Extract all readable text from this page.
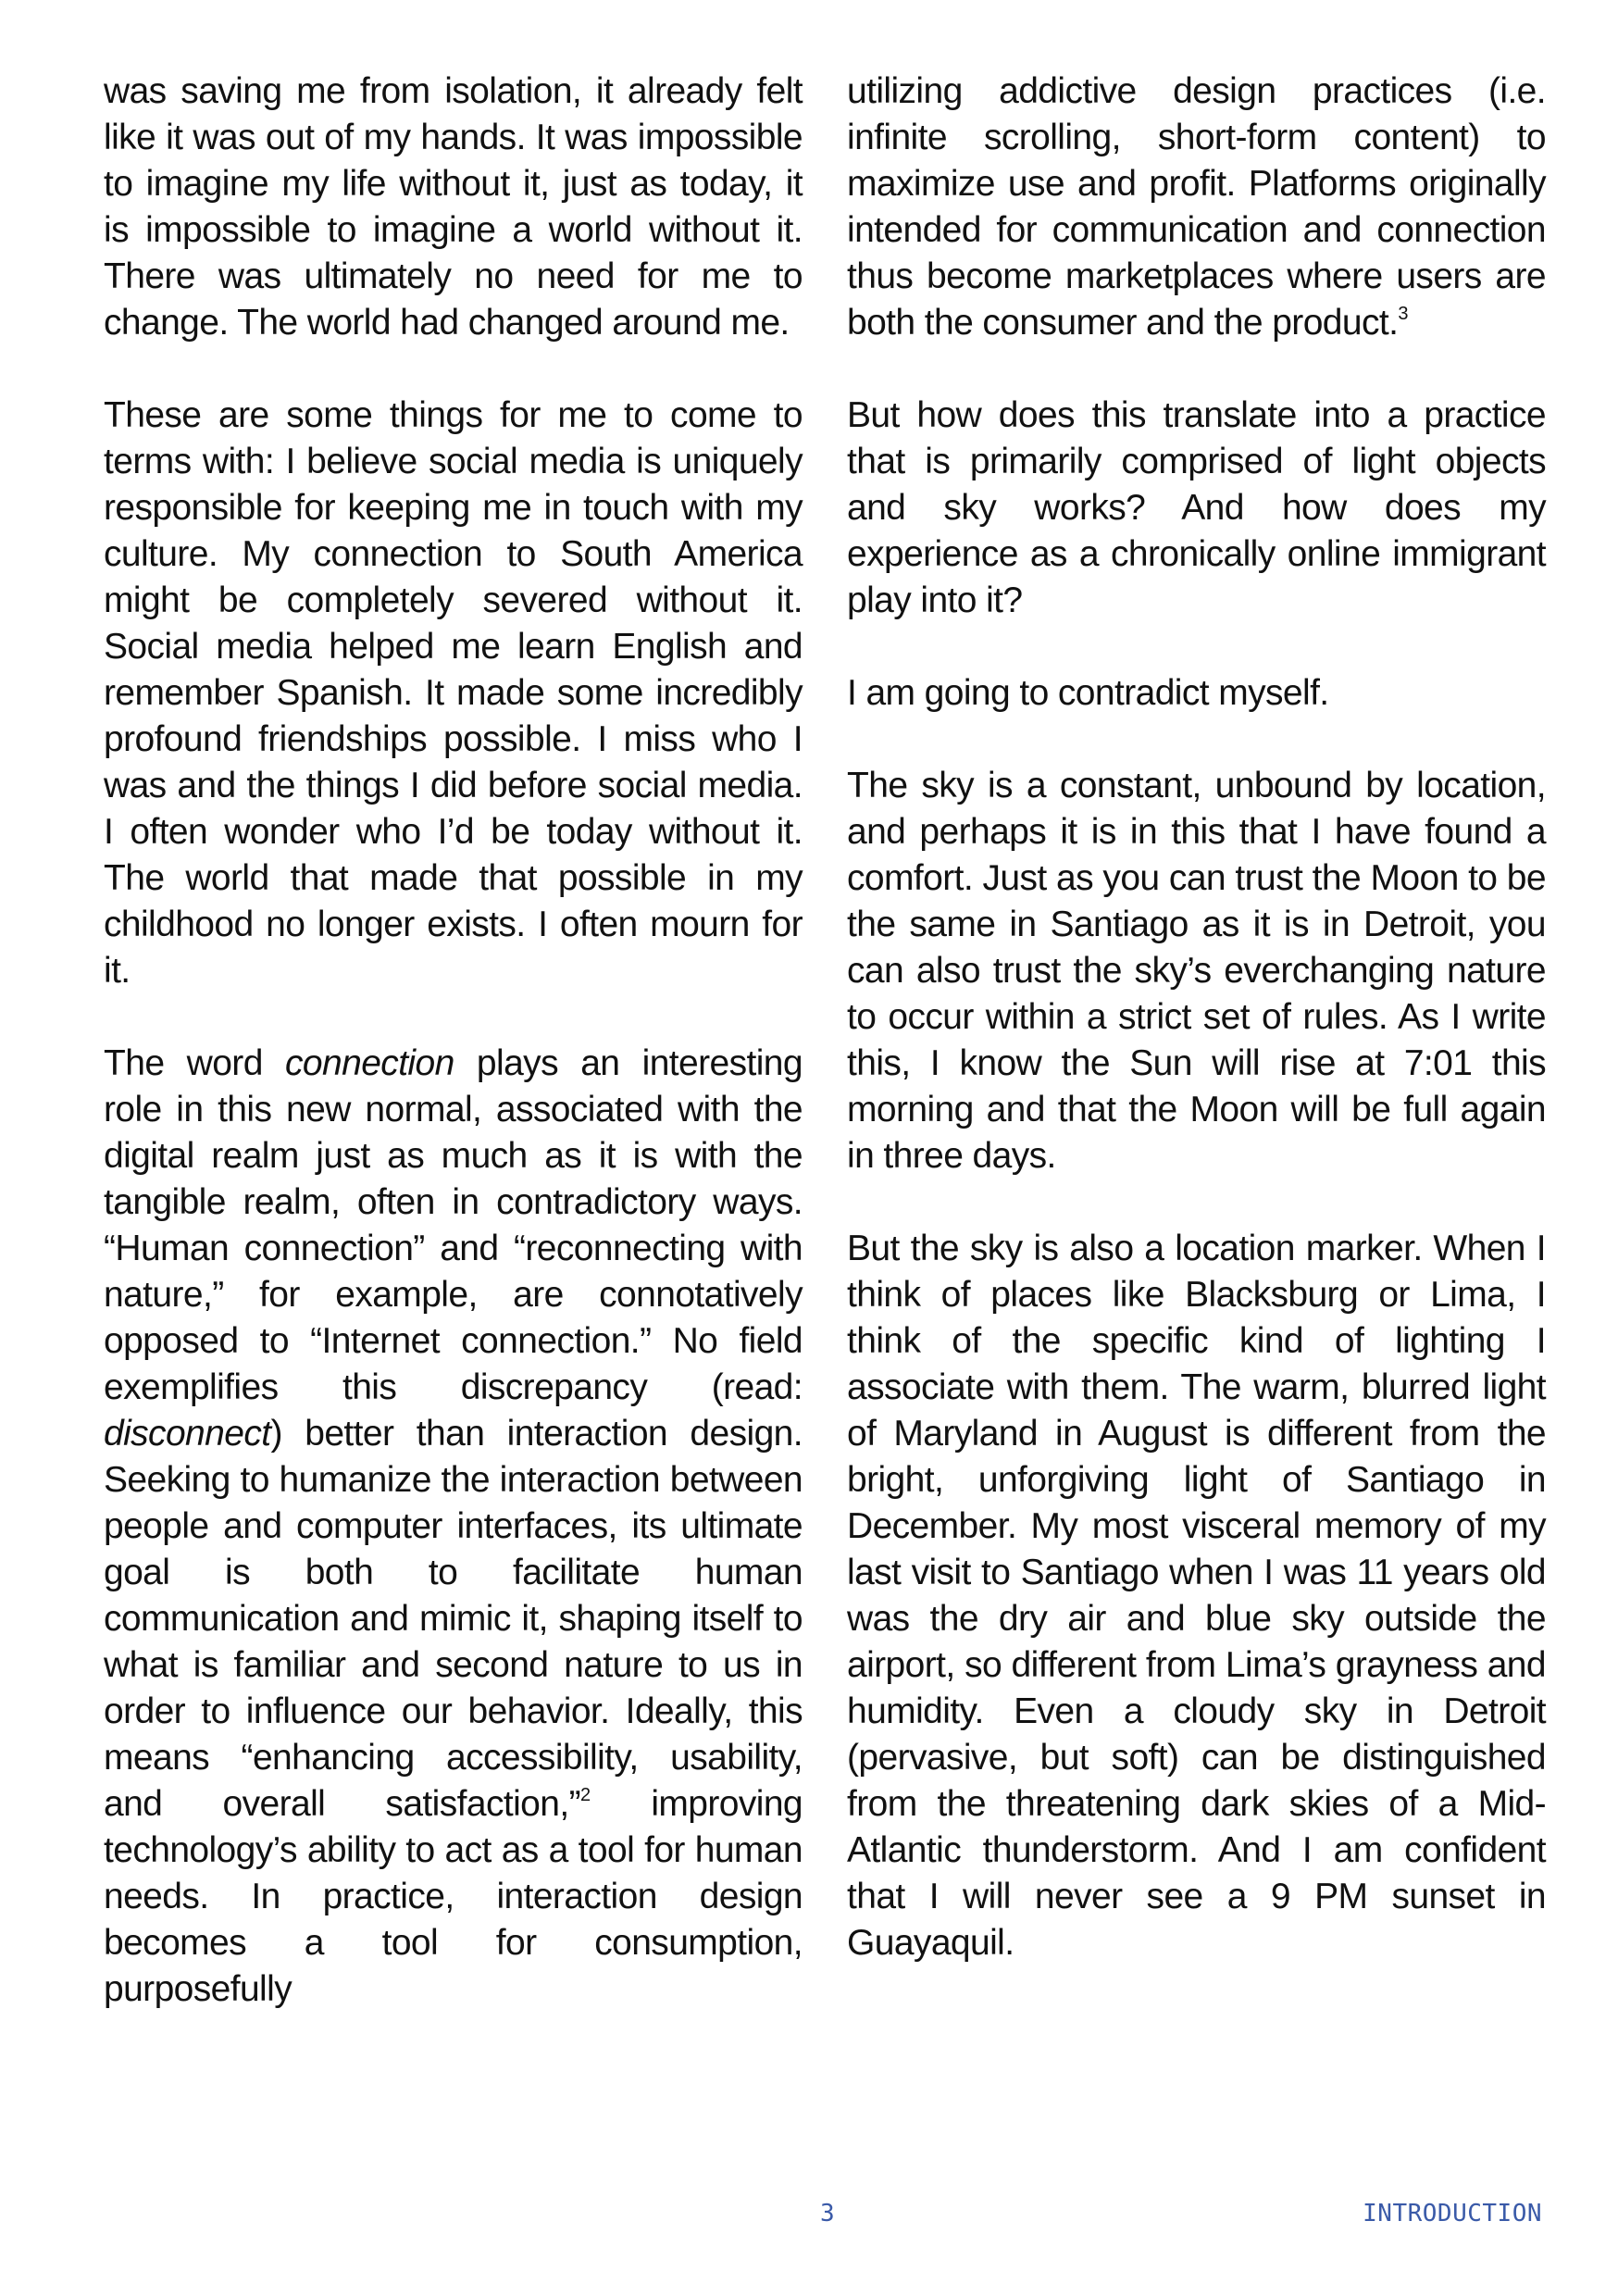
was saving me from isolation, it already felt like it was out of my hands. It was impossible to imagine my life without it, just as today, it is impossible to imagine a world without it. There was ultimately no need for me to change. The world had changed around me.

These are some things for me to come to terms with: I believe social media is uniquely responsible for keeping me in touch with my culture. My connection to South America might be completely severed without it. Social media helped me learn English and remember Spanish. It made some incredibly profound friendships possible. I miss who I was and the things I did before social media. I often wonder who I’d be today without it. The world that made that possible in my childhood no longer exists. I often mourn for it.

The word connection plays an interesting role in this new normal, associated with the digital realm just as much as it is with the tangible realm, often in contradictory ways. “Human connection” and “reconnecting with nature,” for example, are connotatively opposed to “Internet connection.” No field exemplifies this discrepancy (read: disconnect) better than interaction design. Seeking to humanize the interaction between people and computer interfaces, its ultimate goal is both to facilitate human communication and mimic it, shaping itself to what is familiar and second nature to us in order to influence our behavior. Ideally, this means “enhancing accessibility, usability, and overall satisfaction,”$^2$ improving technology’s ability to act as a tool for human needs. In practice, interaction design becomes a tool for consumption, purposefully

utilizing addictive design practices (i.e. infinite scrolling, short-form content) to maximize use and profit. Platforms originally intended for communication and connection thus become marketplaces where users are both the consumer and the product.$^3$

But how does this translate into a practice that is primarily comprised of light objects and sky works? And how does my experience as a chronically online immigrant play into it?

I am going to contradict myself.

The sky is a constant, unbound by location, and perhaps it is in this that I have found a comfort. Just as you can trust the Moon to be the same in Santiago as it is in Detroit, you can also trust the sky’s everchanging nature to occur within a strict set of rules. As I write this, I know the Sun will rise at 7:01 this morning and that the Moon will be full again in three days.

But the sky is also a location marker. When I think of places like Blacksburg or Lima, I think of the specific kind of lighting I associate with them. The warm, blurred light of Maryland in August is different from the bright, unforgiving light of Santiago in December. My most visceral memory of my last visit to Santiago when I was 11 years old was the dry air and blue sky outside the airport, so different from Lima’s grayness and humidity. Even a cloudy sky in Detroit (pervasive, but soft) can be distinguished from the threatening dark skies of a Mid-Atlantic thunderstorm. And I am confident that I will never see a 9 PM sunset in Guayaquil.

3	INTRODUCTION
